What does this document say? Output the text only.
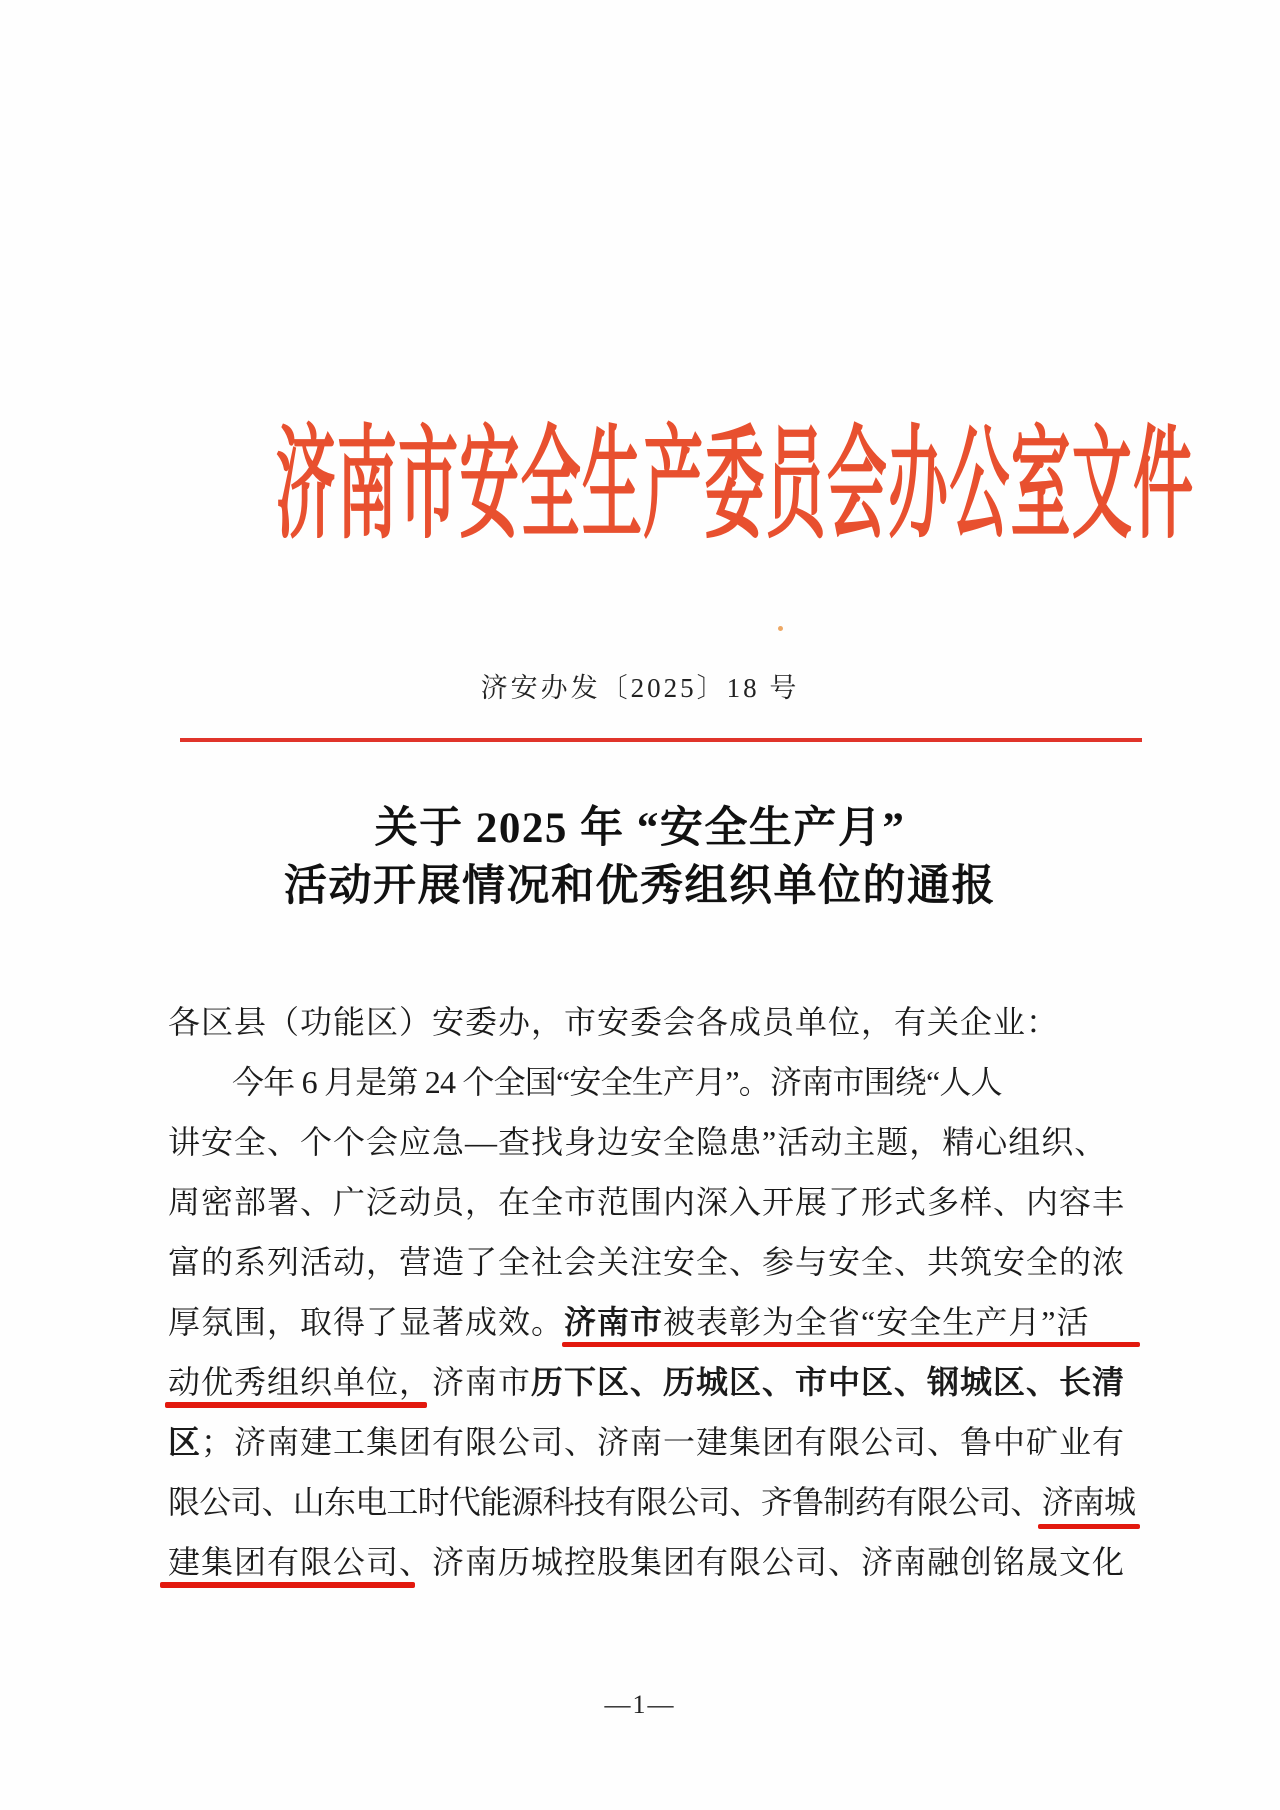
济南市安全生产委员会办公室文件
济安办发〔2025〕18 号
关于 2025 年 “安全生产月”
活动开展情况和优秀组织单位的通报
各区县（功能区）安委办，市安委会各成员单位，有关企业：
今年 6 月是第 24 个全国“安全生产月”。济南市围绕“人人
讲安全、个个会应急—查找身边安全隐患”活动主题，精心组织、
周密部署、广泛动员，在全市范围内深入开展了形式多样、内容丰
富的系列活动，营造了全社会关注安全、参与安全、共筑安全的浓
厚氛围，取得了显著成效。济南市被表彰为全省“安全生产月”活
动优秀组织单位，济南市历下区、历城区、市中区、钢城区、长清
区；济南建工集团有限公司、济南一建集团有限公司、鲁中矿业有
限公司、山东电工时代能源科技有限公司、齐鲁制药有限公司、济南城
建集团有限公司、济南历城控股集团有限公司、济南融创铭晟文化
—1—
